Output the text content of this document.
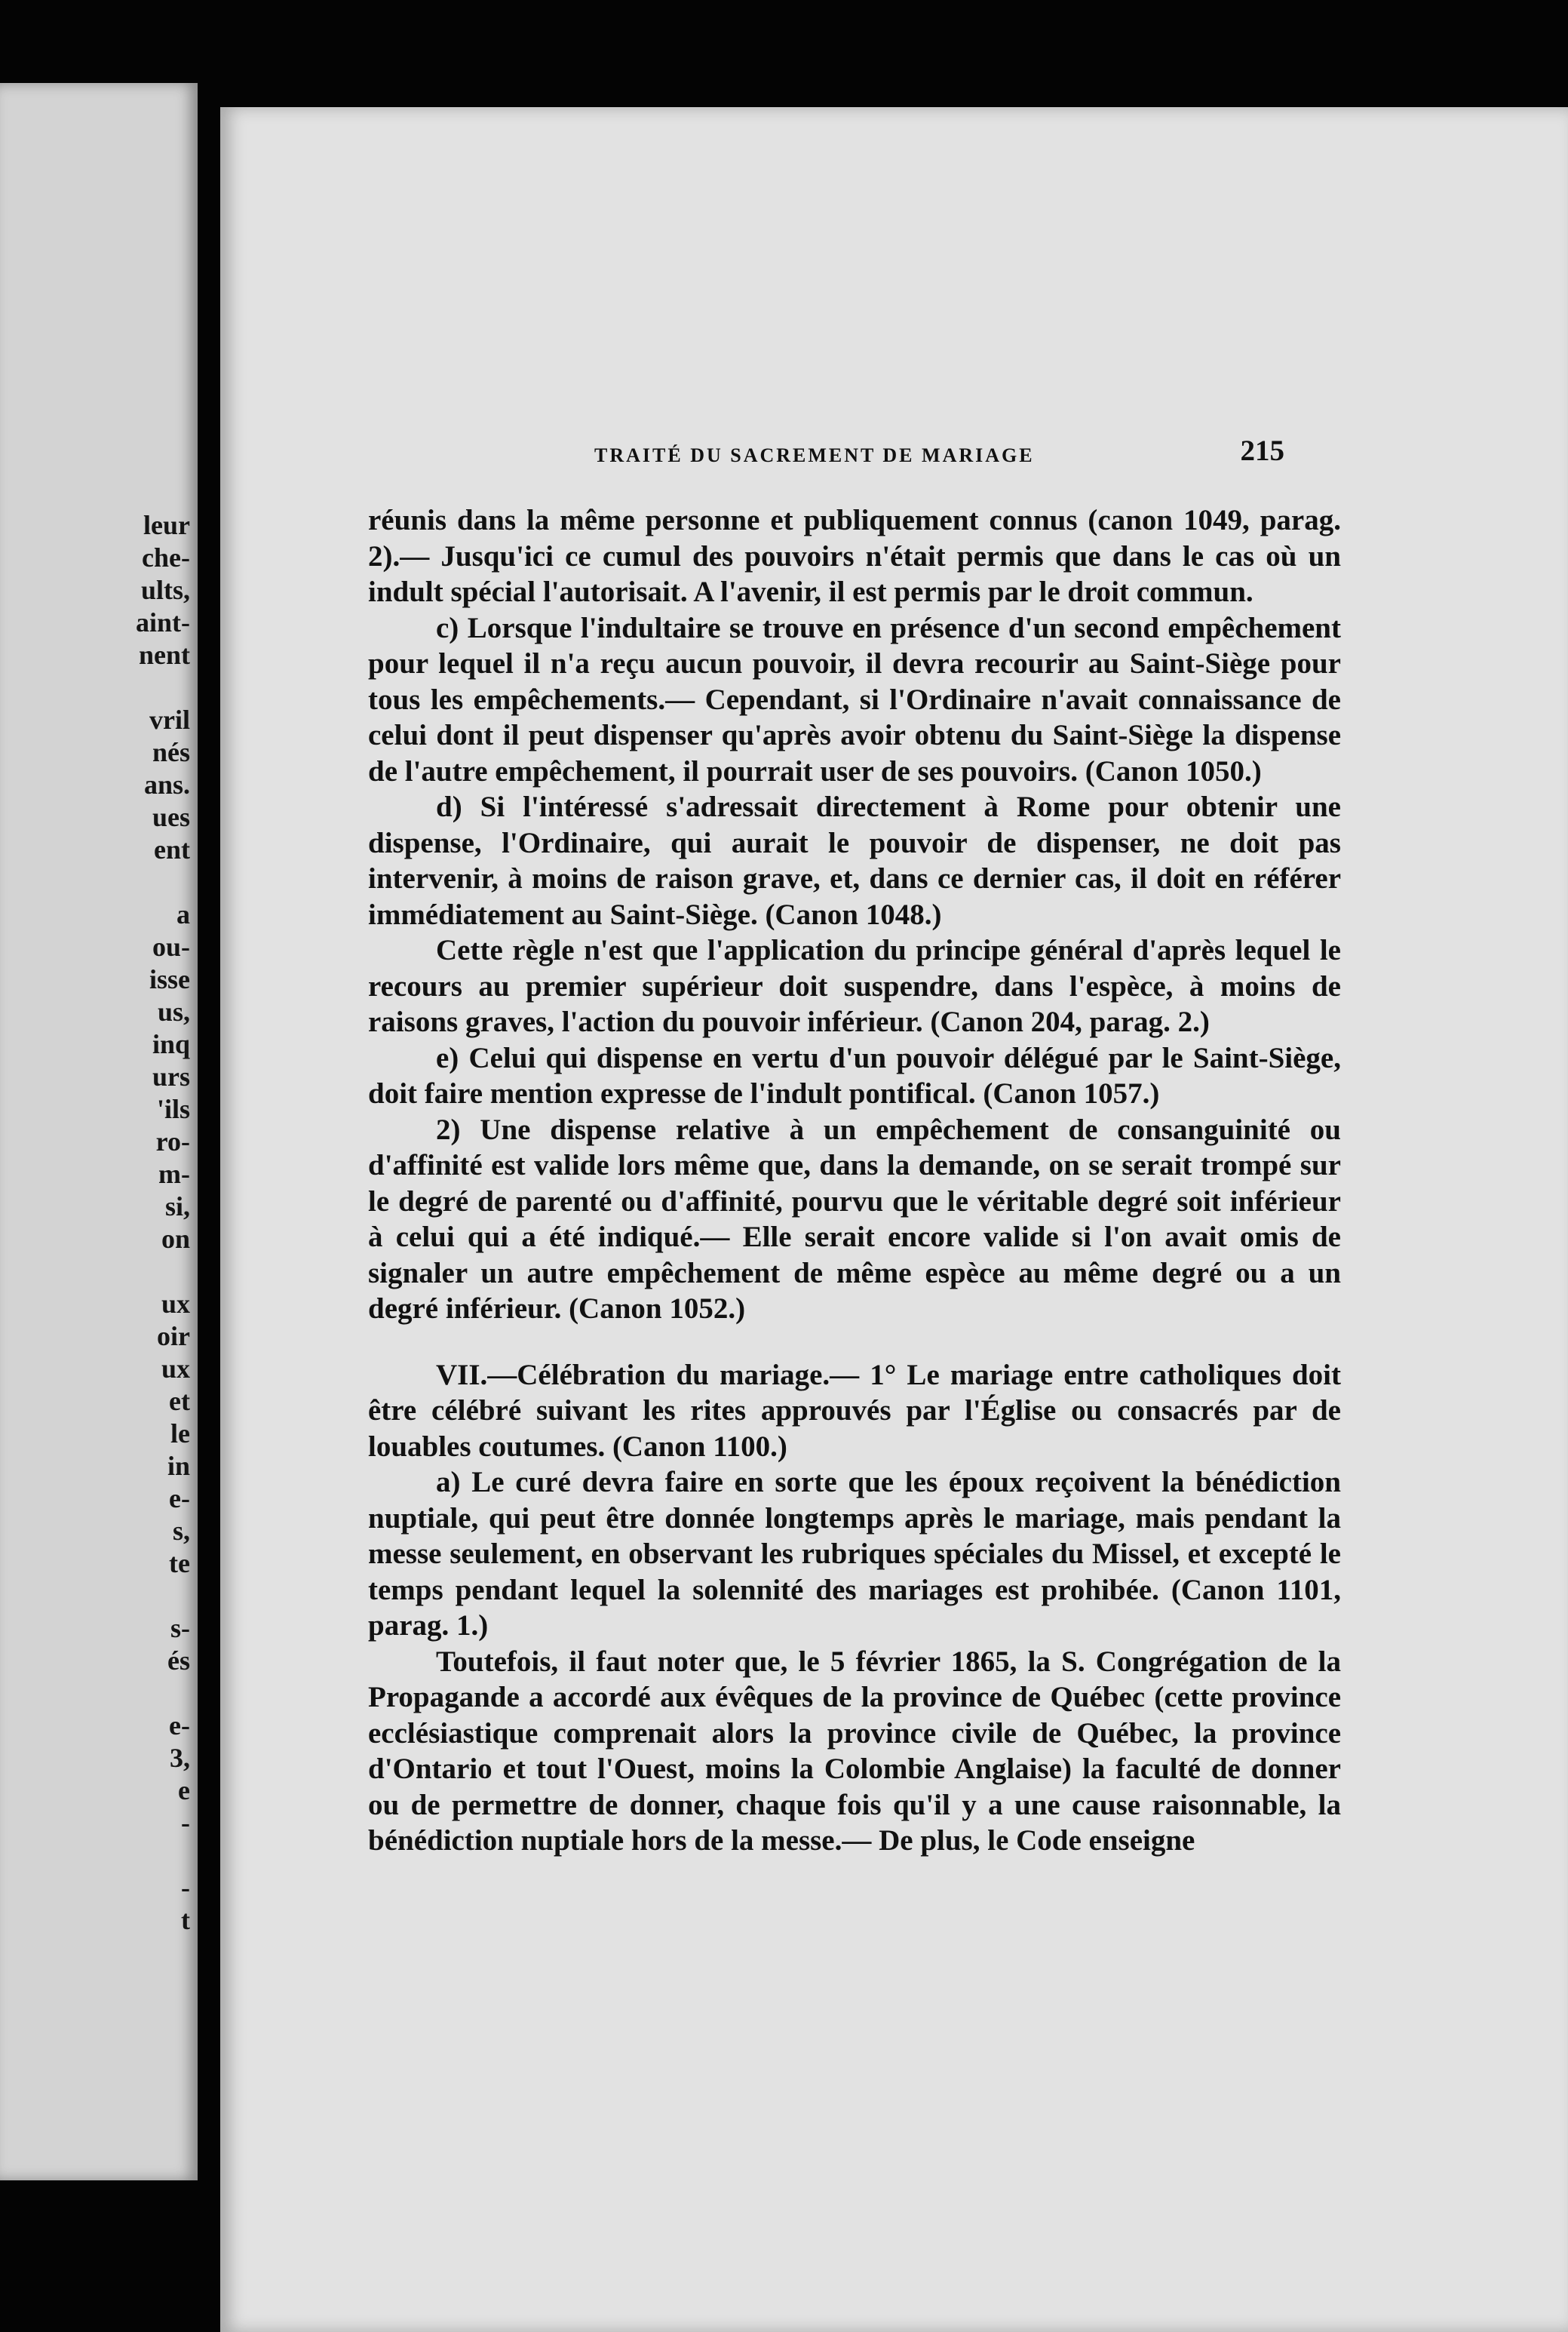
leur
che-
ults,
aint-
nent
vril
nés
ans.
ues
ent
a
ou-
isse
us,
inq
urs
'ils
ro-
m-
si,
on
ux
oir
ux
et
le
in
e-
s,
te
s-
és
e-
3,
e
-
-
t
TRAITÉ DU SACREMENT DE MARIAGE	215

réunis dans la même personne et publiquement connus (canon 1049, parag. 2).— Jusqu'ici ce cumul des pouvoirs n'était permis que dans le cas où un indult spécial l'autorisait. A l'avenir, il est permis par le droit commun.

c) Lorsque l'indultaire se trouve en présence d'un second empêchement pour lequel il n'a reçu aucun pouvoir, il devra recourir au Saint-Siège pour tous les empêchements.— Cependant, si l'Ordinaire n'avait connaissance de celui dont il peut dispenser qu'après avoir obtenu du Saint-Siège la dispense de l'autre empêchement, il pourrait user de ses pouvoirs. (Canon 1050.)

d) Si l'intéressé s'adressait directement à Rome pour obtenir une dispense, l'Ordinaire, qui aurait le pouvoir de dispenser, ne doit pas intervenir, à moins de raison grave, et, dans ce dernier cas, il doit en référer immédiatement au Saint-Siège. (Canon 1048.)

Cette règle n'est que l'application du principe général d'après lequel le recours au premier supérieur doit suspendre, dans l'espèce, à moins de raisons graves, l'action du pouvoir inférieur. (Canon 204, parag. 2.)

e) Celui qui dispense en vertu d'un pouvoir délégué par le Saint-Siège, doit faire mention expresse de l'indult pontifical. (Canon 1057.)

2) Une dispense relative à un empêchement de consanguinité ou d'affinité est valide lors même que, dans la demande, on se serait trompé sur le degré de parenté ou d'affinité, pourvu que le véritable degré soit inférieur à celui qui a été indiqué.— Elle serait encore valide si l'on avait omis de signaler un autre empêchement de même espèce au même degré ou a un degré inférieur. (Canon 1052.)

VII.—Célébration du mariage.— 1° Le mariage entre catholiques doit être célébré suivant les rites approuvés par l'Église ou consacrés par de louables coutumes. (Canon 1100.)

a) Le curé devra faire en sorte que les époux reçoivent la bénédiction nuptiale, qui peut être donnée longtemps après le mariage, mais pendant la messe seulement, en observant les rubriques spéciales du Missel, et excepté le temps pendant lequel la solennité des mariages est prohibée. (Canon 1101, parag. 1.)

Toutefois, il faut noter que, le 5 février 1865, la S. Congrégation de la Propagande a accordé aux évêques de la province de Québec (cette province ecclésiastique comprenait alors la province civile de Québec, la province d'Ontario et tout l'Ouest, moins la Colombie Anglaise) la faculté de donner ou de permettre de donner, chaque fois qu'il y a une cause raisonnable, la bénédiction nuptiale hors de la messe.— De plus, le Code enseigne
